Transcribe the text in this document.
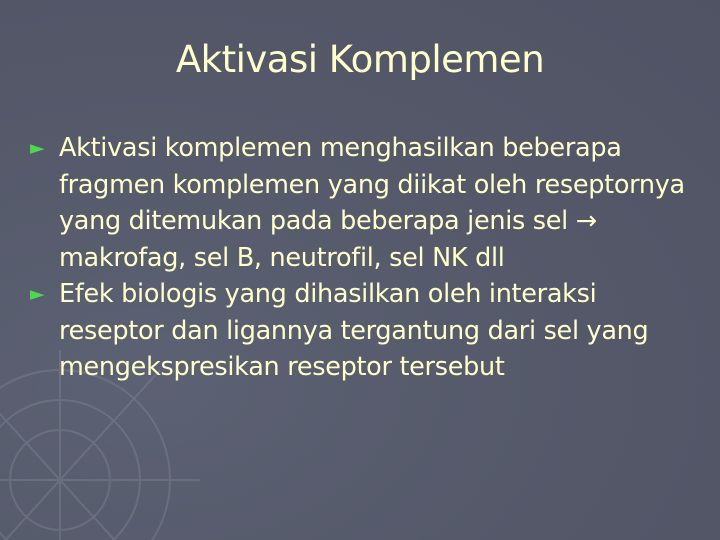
Aktivasi Komplemen

► Aktivasi komplemen menghasilkan beberapa fragmen komplemen yang diikat oleh reseptornya yang ditemukan pada beberapa jenis sel → makrofag, sel B, neutrofil, sel NK dll

► Efek biologis yang dihasilkan oleh interaksi reseptor dan ligannya tergantung dari sel yang mengekspresikan reseptor tersebut
